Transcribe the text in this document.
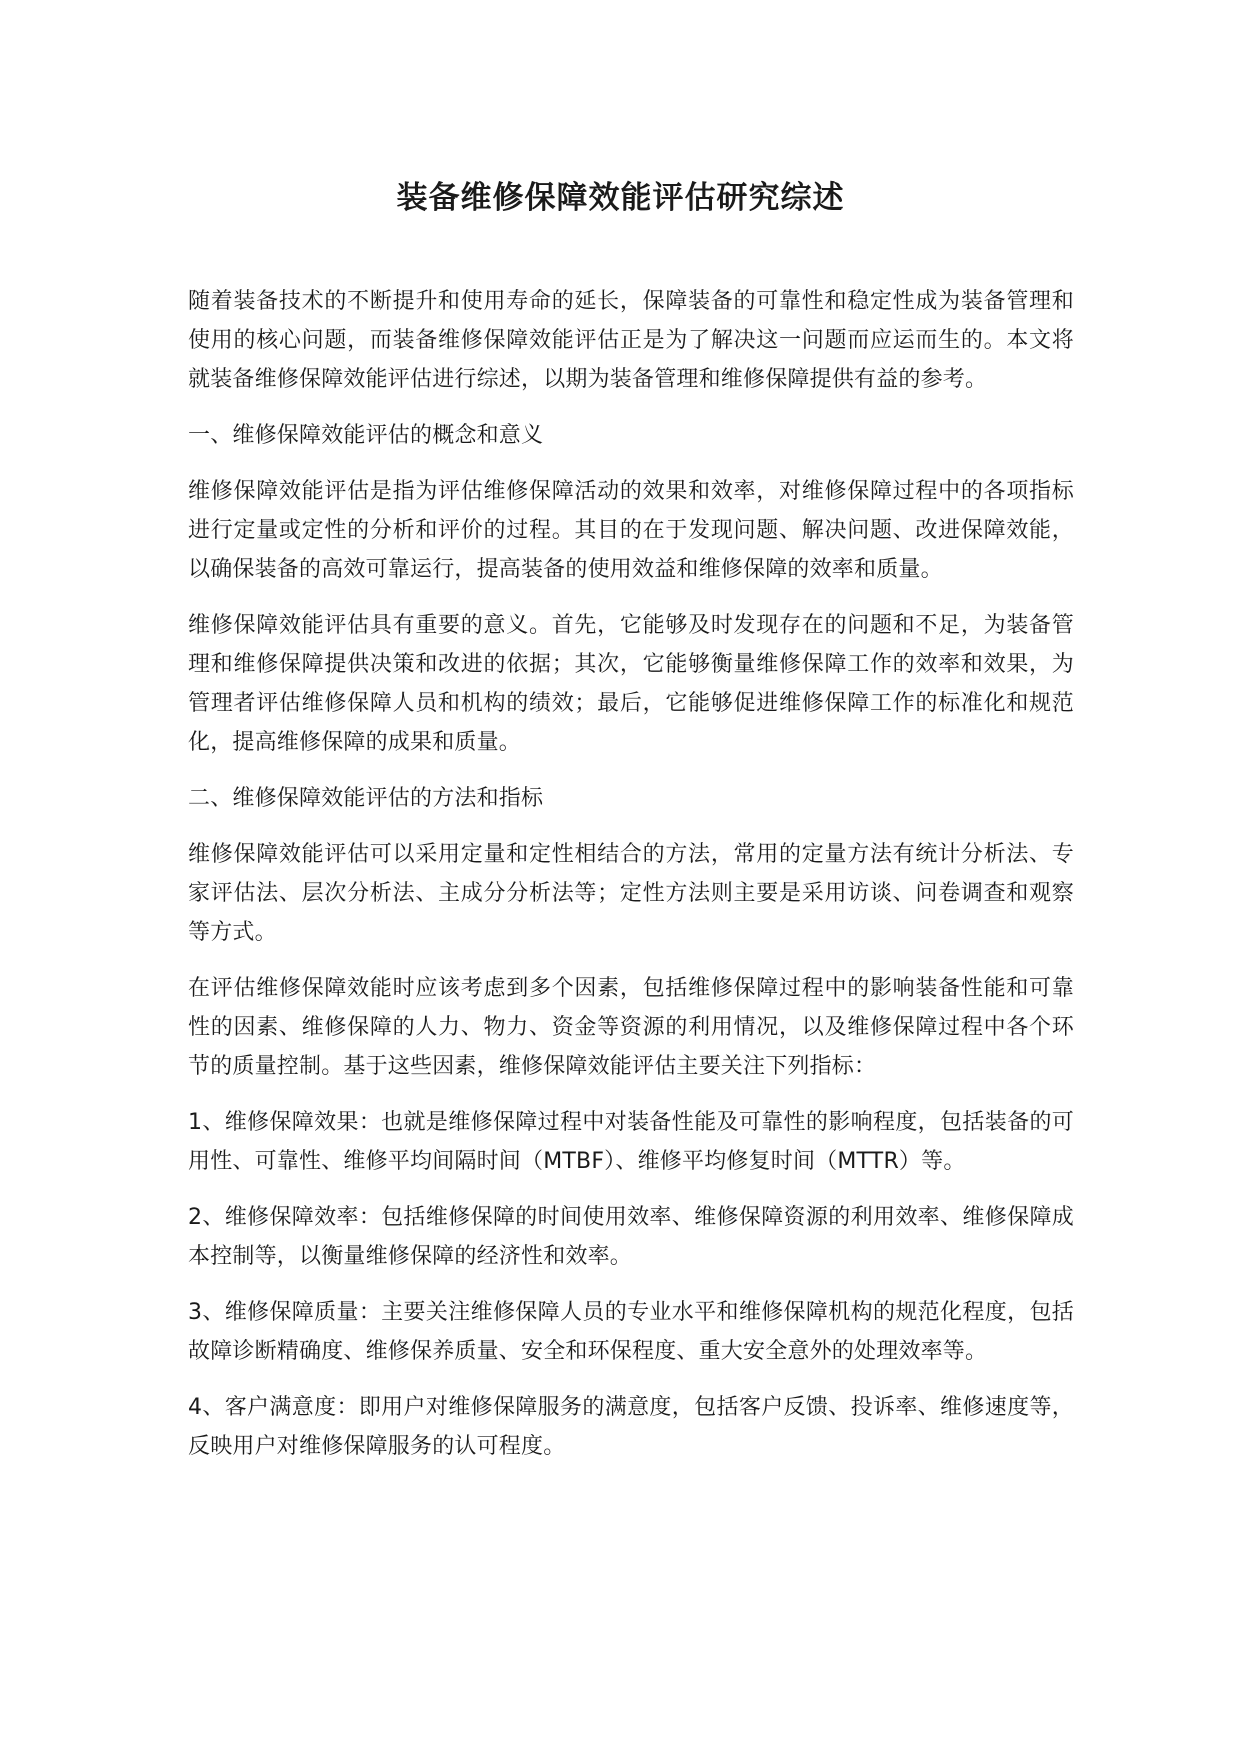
装备维修保障效能评估研究综述

随着装备技术的不断提升和使用寿命的延长，保障装备的可靠性和稳定性成为装备管理和使用的核心问题，而装备维修保障效能评估正是为了解决这一问题而应运而生的。本文将就装备维修保障效能评估进行综述，以期为装备管理和维修保障提供有益的参考。

一、维修保障效能评估的概念和意义

维修保障效能评估是指为评估维修保障活动的效果和效率，对维修保障过程中的各项指标进行定量或定性的分析和评价的过程。其目的在于发现问题、解决问题、改进保障效能，以确保装备的高效可靠运行，提高装备的使用效益和维修保障的效率和质量。

维修保障效能评估具有重要的意义。首先，它能够及时发现存在的问题和不足，为装备管理和维修保障提供决策和改进的依据；其次，它能够衡量维修保障工作的效率和效果，为管理者评估维修保障人员和机构的绩效；最后，它能够促进维修保障工作的标准化和规范化，提高维修保障的成果和质量。

二、维修保障效能评估的方法和指标

维修保障效能评估可以采用定量和定性相结合的方法，常用的定量方法有统计分析法、专家评估法、层次分析法、主成分分析法等；定性方法则主要是采用访谈、问卷调查和观察等方式。

在评估维修保障效能时应该考虑到多个因素，包括维修保障过程中的影响装备性能和可靠性的因素、维修保障的人力、物力、资金等资源的利用情况，以及维修保障过程中各个环节的质量控制。基于这些因素，维修保障效能评估主要关注下列指标：

1、维修保障效果：也就是维修保障过程中对装备性能及可靠性的影响程度，包括装备的可用性、可靠性、维修平均间隔时间（MTBF）、维修平均修复时间（MTTR）等。

2、维修保障效率：包括维修保障的时间使用效率、维修保障资源的利用效率、维修保障成本控制等，以衡量维修保障的经济性和效率。

3、维修保障质量：主要关注维修保障人员的专业水平和维修保障机构的规范化程度，包括故障诊断精确度、维修保养质量、安全和环保程度、重大安全意外的处理效率等。

4、客户满意度：即用户对维修保障服务的满意度，包括客户反馈、投诉率、维修速度等，反映用户对维修保障服务的认可程度。
